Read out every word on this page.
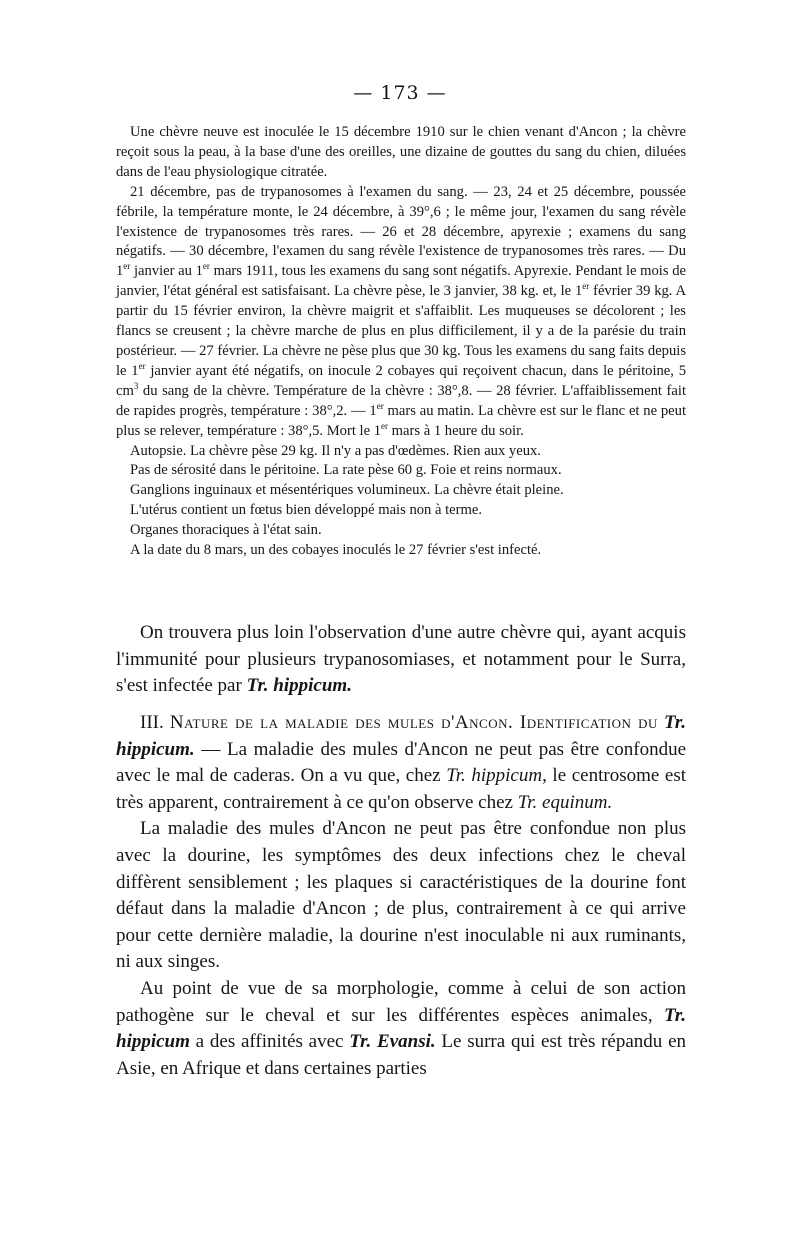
— 173 —

Une chèvre neuve est inoculée le 15 décembre 1910 sur le chien venant d'Ancon ; la chèvre reçoit sous la peau, à la base d'une des oreilles, une dizaine de gouttes du sang du chien, diluées dans de l'eau physiologique citratée.

21 décembre, pas de trypanosomes à l'examen du sang. — 23, 24 et 25 décembre, poussée fébrile, la température monte, le 24 décembre, à 39°,6 ; le même jour, l'examen du sang révèle l'existence de trypanosomes très rares. — 26 et 28 décembre, apyrexie ; examens du sang négatifs. — 30 décembre, l'examen du sang révèle l'existence de trypanosomes très rares. — Du 1er janvier au 1er mars 1911, tous les examens du sang sont négatifs. Apyrexie. Pendant le mois de janvier, l'état général est satisfaisant. La chèvre pèse, le 3 janvier, 38 kg. et, le 1er février 39 kg. A partir du 15 février environ, la chèvre maigrit et s'affaiblit. Les muqueuses se décolorent ; les flancs se creusent ; la chèvre marche de plus en plus difficilement, il y a de la parésie du train postérieur. — 27 février. La chèvre ne pèse plus que 30 kg. Tous les examens du sang faits depuis le 1er janvier ayant été négatifs, on inocule 2 cobayes qui reçoivent chacun, dans le péritoine, 5 $cm^3$ du sang de la chèvre. Température de la chèvre : 38°,8. — 28 février. L'affaiblissement fait de rapides progrès, température : 38°,2. — 1er mars au matin. La chèvre est sur le flanc et ne peut plus se relever, température : 38°,5. Mort le 1er mars à 1 heure du soir.

Autopsie. La chèvre pèse 29 kg. Il n'y a pas d'œdèmes. Rien aux yeux.

Pas de sérosité dans le péritoine. La rate pèse 60 g. Foie et reins normaux.

Ganglions inguinaux et mésentériques volumineux. La chèvre était pleine.

L'utérus contient un fœtus bien développé mais non à terme.

Organes thoraciques à l'état sain.

A la date du 8 mars, un des cobayes inoculés le 27 février s'est infecté.

On trouvera plus loin l'observation d'une autre chèvre qui, ayant acquis l'immunité pour plusieurs trypanosomiases, et notamment pour le Surra, s'est infectée par Tr. hippicum.

III. Nature de la maladie des mules d'Ancon. Identification du Tr. hippicum. — La maladie des mules d'Ancon ne peut pas être confondue avec le mal de caderas. On a vu que, chez Tr. hippicum, le centrosome est très apparent, contrairement à ce qu'on observe chez Tr. equinum.

La maladie des mules d'Ancon ne peut pas être confondue non plus avec la dourine, les symptômes des deux infections chez le cheval diffèrent sensiblement ; les plaques si caractéristiques de la dourine font défaut dans la maladie d'Ancon ; de plus, contrairement à ce qui arrive pour cette dernière maladie, la dourine n'est inoculable ni aux ruminants, ni aux singes.

Au point de vue de sa morphologie, comme à celui de son action pathogène sur le cheval et sur les différentes espèces animales, Tr. hippicum a des affinités avec Tr. Evansi. Le surra qui est très répandu en Asie, en Afrique et dans certaines parties
